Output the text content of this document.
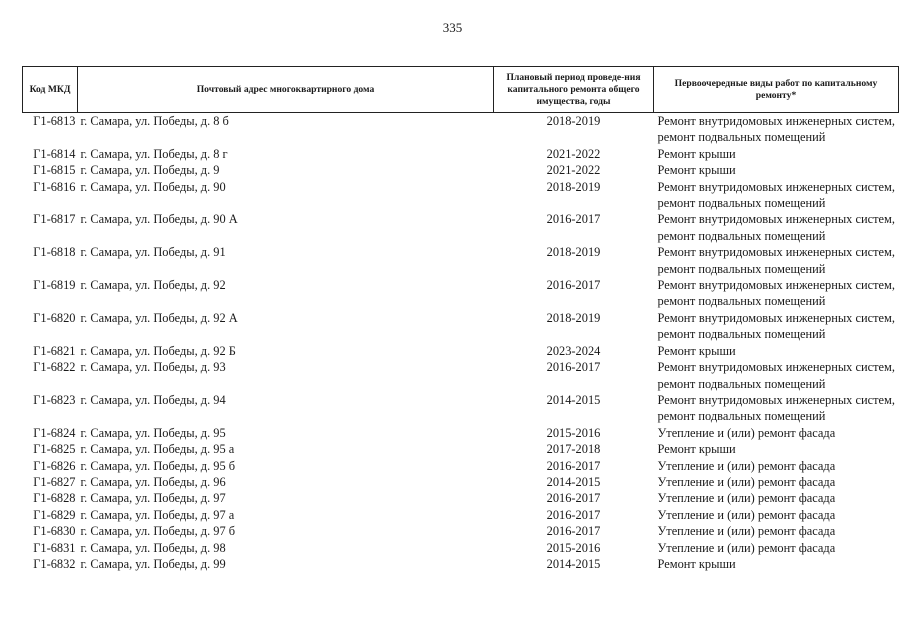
335
Код МКД	Почтовый адрес многоквартирного дома	Плановый период проведе-ния капитального ремонта общего имущества, годы	Первоочередные виды работ по капитальному ремонту*
Г1-6813	г. Самара, ул. Победы, д. 8 б	2018-2019	Ремонт внутридомовых инженерных систем,
ремонт подвальных помещений

Г1-6814	г. Самара, ул. Победы, д. 8 г	2021-2022	Ремонт крыши

Г1-6815	г. Самара, ул. Победы, д. 9	2021-2022	Ремонт крыши

Г1-6816	г. Самара, ул. Победы, д. 90	2018-2019	Ремонт внутридомовых инженерных систем,
ремонт подвальных помещений

Г1-6817	г. Самара, ул. Победы, д. 90 А	2016-2017	Ремонт внутридомовых инженерных систем,
ремонт подвальных помещений

Г1-6818	г. Самара, ул. Победы, д. 91	2018-2019	Ремонт внутридомовых инженерных систем,
ремонт подвальных помещений

Г1-6819	г. Самара, ул. Победы, д. 92	2016-2017	Ремонт внутридомовых инженерных систем,
ремонт подвальных помещений

Г1-6820	г. Самара, ул. Победы, д. 92 А	2018-2019	Ремонт внутридомовых инженерных систем,
ремонт подвальных помещений

Г1-6821	г. Самара, ул. Победы, д. 92 Б	2023-2024	Ремонт крыши

Г1-6822	г. Самара, ул. Победы, д. 93	2016-2017	Ремонт внутридомовых инженерных систем,
ремонт подвальных помещений

Г1-6823	г. Самара, ул. Победы, д. 94	2014-2015	Ремонт внутридомовых инженерных систем,
ремонт подвальных помещений

Г1-6824	г. Самара, ул. Победы, д. 95	2015-2016	Утепление и (или) ремонт фасада

Г1-6825	г. Самара, ул. Победы, д. 95 а	2017-2018	Ремонт крыши

Г1-6826	г. Самара, ул. Победы, д. 95 б	2016-2017	Утепление и (или) ремонт фасада

Г1-6827	г. Самара, ул. Победы, д. 96	2014-2015	Утепление и (или) ремонт фасада

Г1-6828	г. Самара, ул. Победы, д. 97	2016-2017	Утепление и (или) ремонт фасада

Г1-6829	г. Самара, ул. Победы, д. 97 а	2016-2017	Утепление и (или) ремонт фасада

Г1-6830	г. Самара, ул. Победы, д. 97 б	2016-2017	Утепление и (или) ремонт фасада

Г1-6831	г. Самара, ул. Победы, д. 98	2015-2016	Утепление и (или) ремонт фасада

Г1-6832	г. Самара, ул. Победы, д. 99	2014-2015	Ремонт крыши
